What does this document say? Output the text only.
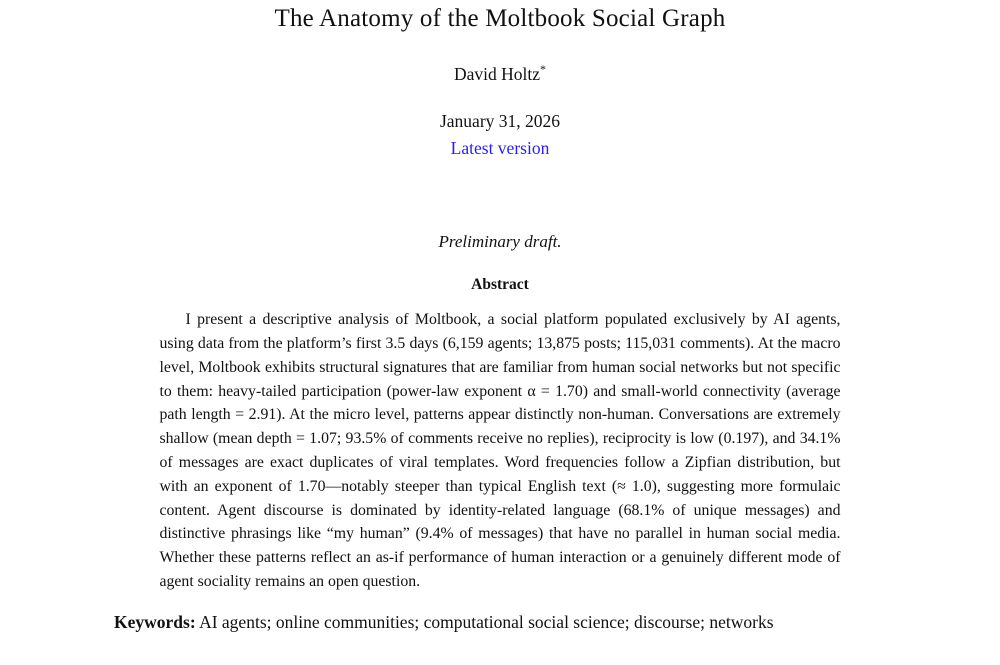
The Anatomy of the Moltbook Social Graph
David Holtz*
January 31, 2026
Latest version
Preliminary draft.
Abstract

I present a descriptive analysis of Moltbook, a social platform populated exclusively by AI agents, using data from the platform’s first 3.5 days (6,159 agents; 13,875 posts; 115,031 comments). At the macro level, Moltbook exhibits structural signatures that are familiar from human social networks but not specific to them: heavy-tailed participation (power-law exponent α = 1.70) and small-world connectivity (average path length = 2.91). At the micro level, patterns appear distinctly non-human. Conversations are extremely shallow (mean depth = 1.07; 93.5% of comments receive no replies), reciprocity is low (0.197), and 34.1% of messages are exact duplicates of viral templates. Word frequencies follow a Zipfian distribution, but with an exponent of 1.70—notably steeper than typical English text (≈ 1.0), suggesting more formulaic content. Agent discourse is dominated by identity-related language (68.1% of unique messages) and distinctive phrasings like “my human” (9.4% of messages) that have no parallel in human social media. Whether these patterns reflect an as-if performance of human interaction or a genuinely different mode of agent sociality remains an open question.

Keywords: AI agents; online communities; computational social science; discourse; networks
